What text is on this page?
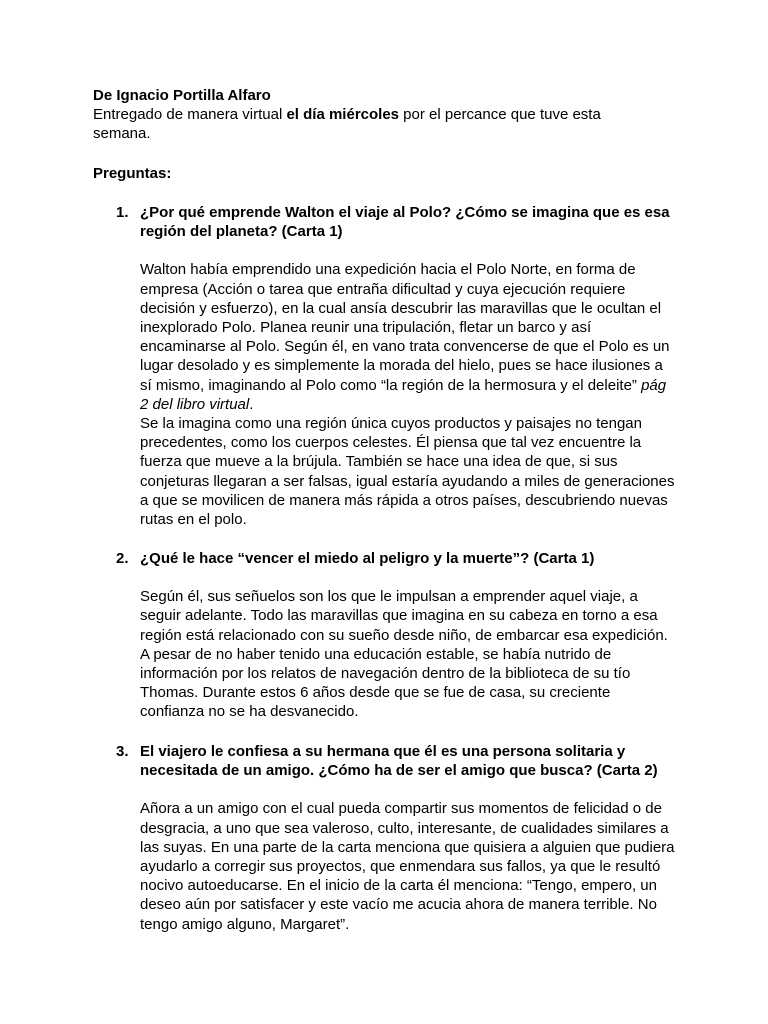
De Ignacio Portilla Alfaro

Entregado de manera virtual el día miércoles por el percance que tuve esta
semana.

Preguntas:

1. ¿Por qué emprende Walton el viaje al Polo? ¿Cómo se imagina que es esa región del planeta? (Carta 1)

Walton había emprendido una expedición hacia el Polo Norte, en forma de empresa (Acción o tarea que entraña dificultad y cuya ejecución requiere decisión y esfuerzo), en la cual ansía descubrir las maravillas que le ocultan el inexplorado Polo. Planea reunir una tripulación, fletar un barco y así encaminarse al Polo. Según él, en vano trata convencerse de que el Polo es un lugar desolado y es simplemente la morada del hielo, pues se hace ilusiones a sí mismo, imaginando al Polo como “la región de la hermosura y el deleite” pág 2 del libro virtual.

Se la imagina como una región única cuyos productos y paisajes no tengan precedentes, como los cuerpos celestes. Él piensa que tal vez encuentre la fuerza que mueve a la brújula. También se hace una idea de que, si sus conjeturas llegaran a ser falsas, igual estaría ayudando a miles de generaciones a que se movilicen de manera más rápida a otros países, descubriendo nuevas rutas en el polo.

2. ¿Qué le hace “vencer el miedo al peligro y la muerte”? (Carta 1)

Según él, sus señuelos son los que le impulsan a emprender aquel viaje, a seguir adelante. Todo las maravillas que imagina en su cabeza en torno a esa región está relacionado con su sueño desde niño, de embarcar esa expedición. A pesar de no haber tenido una educación estable, se había nutrido de información por los relatos de navegación dentro de la biblioteca de su tío Thomas. Durante estos 6 años desde que se fue de casa, su creciente confianza no se ha desvanecido.

3. El viajero le confiesa a su hermana que él es una persona solitaria y necesitada de un amigo. ¿Cómo ha de ser el amigo que busca? (Carta 2)

Añora a un amigo con el cual pueda compartir sus momentos de felicidad o de desgracia, a uno que sea valeroso, culto, interesante, de cualidades similares a las suyas. En una parte de la carta menciona que quisiera a alguien que pudiera ayudarlo a corregir sus proyectos, que enmendara sus fallos, ya que le resultó nocivo autoeducarse. En el inicio de la carta él menciona: “Tengo, empero, un deseo aún por satisfacer y este vacío me acucia ahora de manera terrible. No tengo amigo alguno, Margaret”.
